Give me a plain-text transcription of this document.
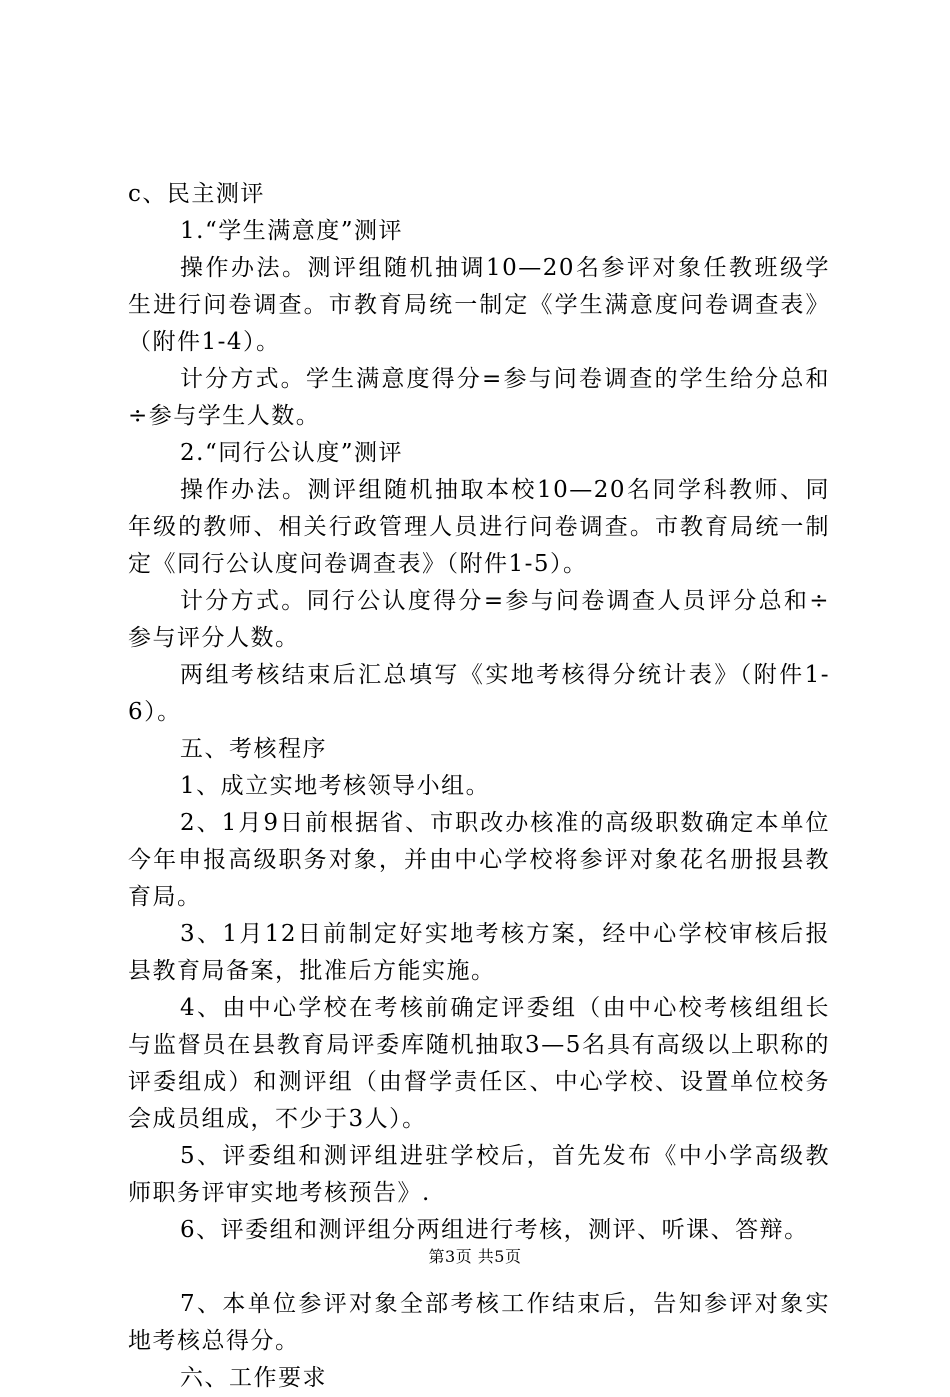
c、民主测评

1.“学生满意度”测评

操作办法。测评组随机抽调10—20名参评对象任教班级学生进行问卷调查。市教育局统一制定《学生满意度问卷调查表》（附件1-4）。

计分方式。学生满意度得分=参与问卷调查的学生给分总和÷参与学生人数。

2.“同行公认度”测评

操作办法。测评组随机抽取本校10—20名同学科教师、同年级的教师、相关行政管理人员进行问卷调查。市教育局统一制定《同行公认度问卷调查表》（附件1-5）。

计分方式。同行公认度得分=参与问卷调查人员评分总和÷参与评分人数。

两组考核结束后汇总填写《实地考核得分统计表》（附件1-6）。

五、考核程序

1、成立实地考核领导小组。

2、1月9日前根据省、市职改办核准的高级职数确定本单位今年申报高级职务对象，并由中心学校将参评对象花名册报县教育局。

3、1月12日前制定好实地考核方案，经中心学校审核后报县教育局备案，批准后方能实施。

4、由中心学校在考核前确定评委组（由中心校考核组组长与监督员在县教育局评委库随机抽取3—5名具有高级以上职称的评委组成）和测评组（由督学责任区、中心学校、设置单位校务会成员组成，不少于3人）。

5、评委组和测评组进驻学校后，首先发布《中小学高级教师职务评审实地考核预告》.

6、评委组和测评组分两组进行考核，测评、听课、答辩。

7、本单位参评对象全部考核工作结束后，告知参评对象实地考核总得分。

六、工作要求

第3页 共5页
